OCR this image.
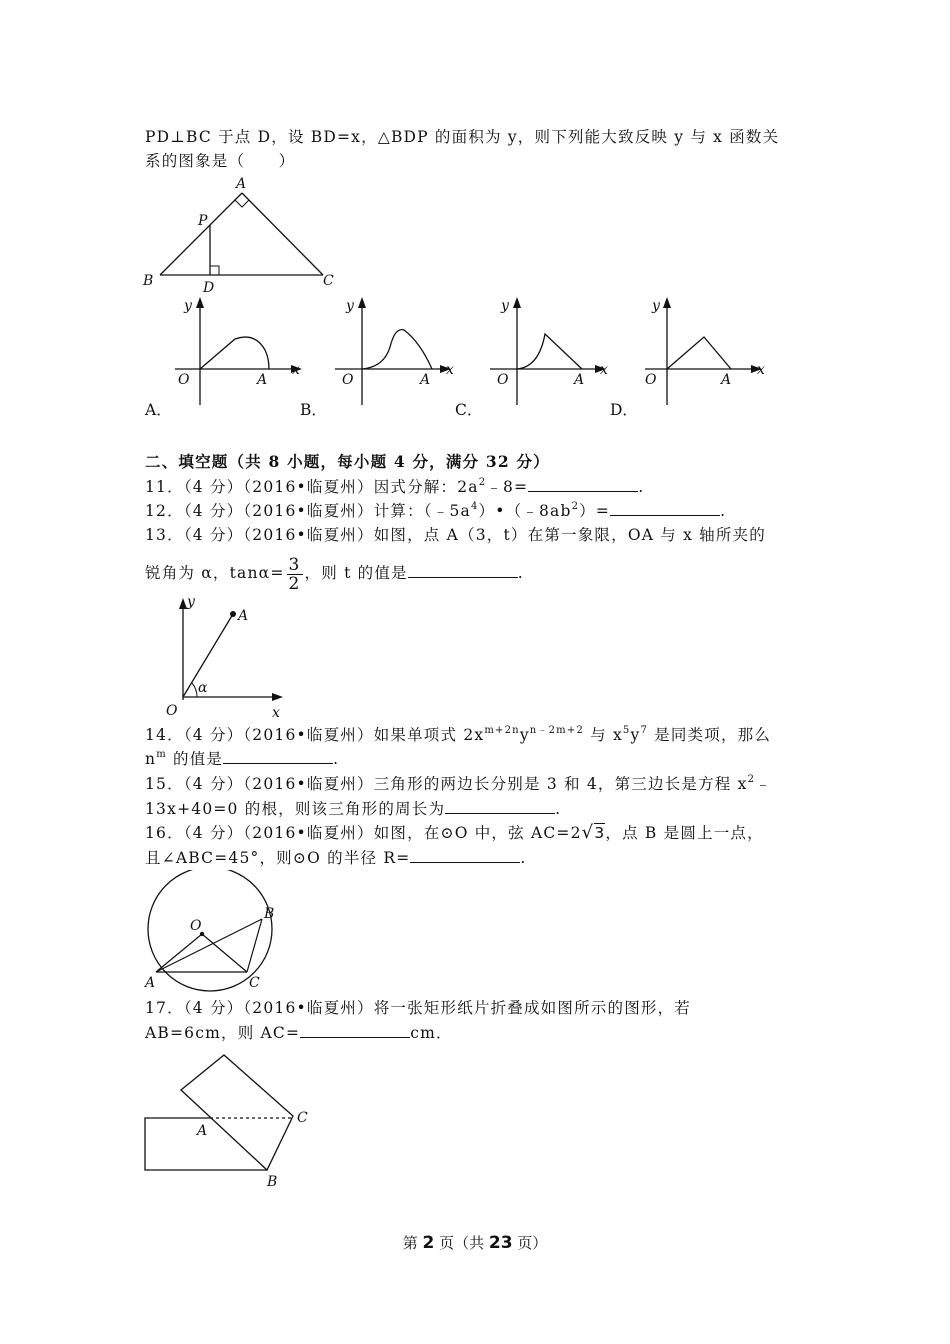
PD⊥BC 于点 D，设 BD=x，△BDP 的面积为 y，则下列能大致反映 y 与 x 函数关
系的图象是（　　）
A
P
B	D	C
y
x
O	A
y
x
O	A
y
x
O	A
y
x
O	A
A．	B．	C．	D．
二、填空题（共 8 小题，每小题 4 分，满分 32 分）
11．（4 分）（2016•临夏州）因式分解：$2a^2﹣8=$	.
12．（4 分）（2016•临夏州）计算：$(﹣5a^4)•(﹣8ab^2)=$	.
13．（4 分）（2016•临夏州）如图，点 A（3，t）在第一象限，OA 与 x 轴所夹的
锐角为 α，$\tan\alpha= \frac{3}{2}$ ，则 t 的值是	.
y
A
O
α
x
14．（4 分）（2016•临夏州）如果单项式 $2x^{m+2n}y^{n﹣2m+2}$ 与 $x^5y^7$ 是同类项，那么
$n^m$ 的值是	.
15．（4 分）（2016•临夏州）三角形的两边长分别是 3 和 4，第三边长是方程 $x^2﹣$
13x+40=0 的根，则该三角形的周长为	.
16．（4 分）（2016•临夏州）如图，在⊙O 中，弦 AC=2√3，点 B 是圆上一点，
且∠ABC=45°，则⊙O 的半径 R=	.
O
B
A	C
17．（4 分）（2016•临夏州）将一张矩形纸片折叠成如图所示的图形，若
AB=6cm，则 AC=	cm．
A
B
C
第 2 页（共 23 页）
